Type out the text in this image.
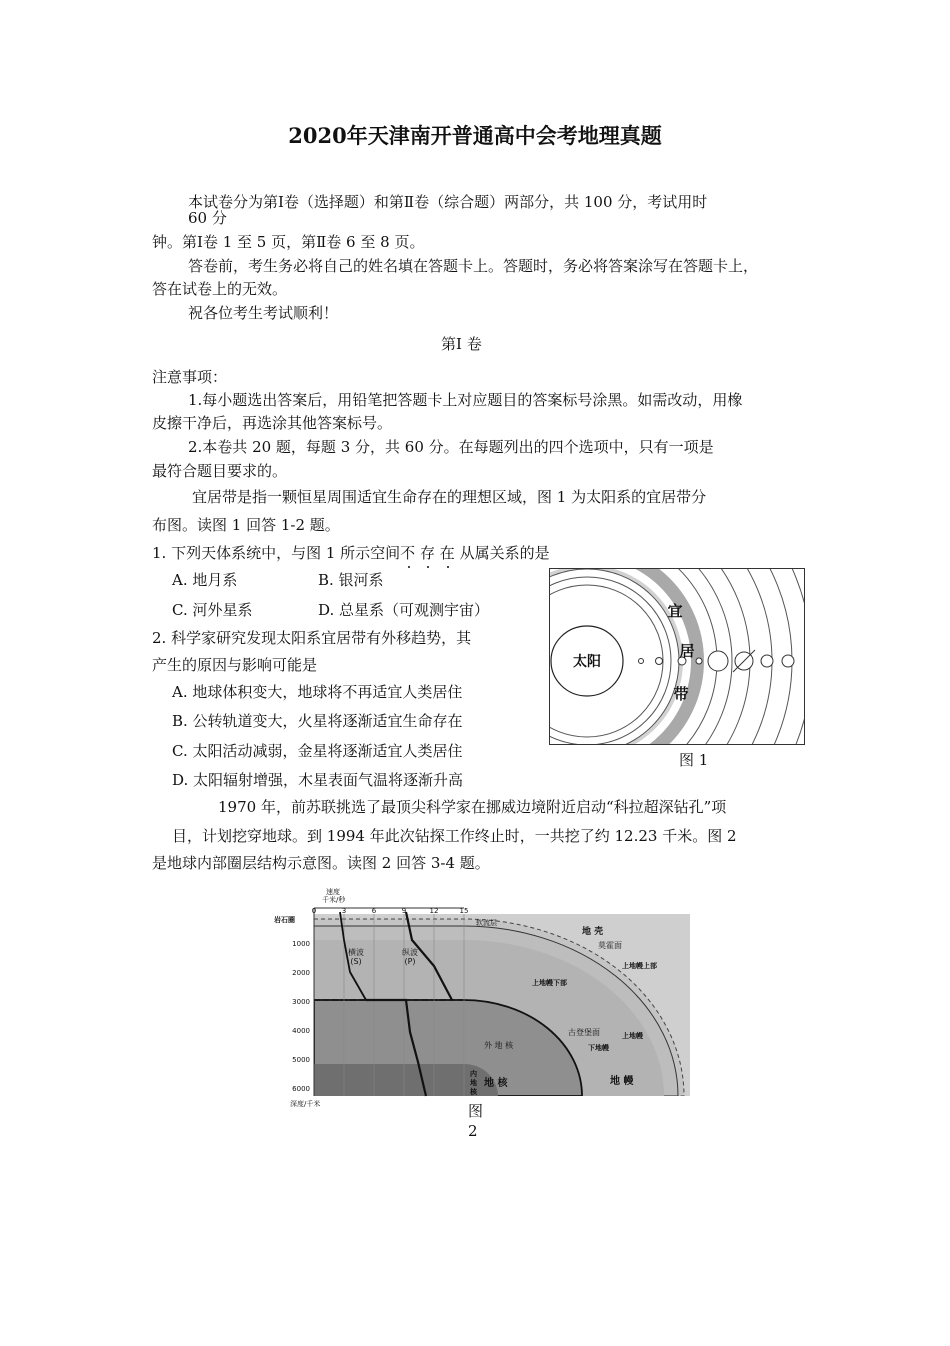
2020年天津南开普通高中会考地理真题
本试卷分为第Ⅰ卷（选择题）和第Ⅱ卷（综合题）两部分，共 100 分，考试用时
60 分
钟。第Ⅰ卷 1 至 5 页，第Ⅱ卷 6 至 8 页。
答卷前，考生务必将自己的姓名填在答题卡上。答题时，务必将答案涂写在答题卡上，
答在试卷上的无效。
祝各位考生考试顺利！
第Ⅰ 卷
注意事项：
1.每小题选出答案后，用铅笔把答题卡上对应题目的答案标号涂黑。如需改动，用橡
皮擦干净后，再选涂其他答案标号。
2.本卷共 20 题，每题 3 分，共 60 分。在每题列出的四个选项中，只有一项是
最符合题目要求的。
宜居带是指一颗恒星周围适宜生命存在的理想区域，图 1 为太阳系的宜居带分
布图。读图 1 回答 1-2 题。
1. 下列天体系统中，与图 1 所示空间不 存 在 从属关系的是
A. 地月系	B. 银河系
C. 河外星系	D. 总星系（可观测宇宙）
2. 科学家研究发现太阳系宜居带有外移趋势，其
产生的原因与影响可能是
A. 地球体积变大，地球将不再适宜人类居住
B. 公转轨道变大，火星将逐渐适宜生命存在
C. 太阳活动减弱，金星将逐渐适宜人类居住
D. 太阳辐射增强，木星表面气温将逐渐升高
太阳
宜
居
带
图 1
1970 年，前苏联挑选了最顶尖科学家在挪威边境附近启动“科拉超深钻孔”项
目，计划挖穿地球。到 1994 年此次钻探工作终止时，一共挖了约 12.23 千米。图 2
是地球内部圈层结构示意图。读图 2 回答 3-4 题。
速度
千米/秒
0	3	6	9	12	15
岩石圈
1000
2000
3000
4000
5000
6000
深度/千米
横波
(S)
纵波
(P)
软流层
地 壳
莫霍面
上地幔上部
上地幔下部
古登堡面	上地幔
下地幔
外 地 核
内
地
核
地 核	地 幔
图
2
